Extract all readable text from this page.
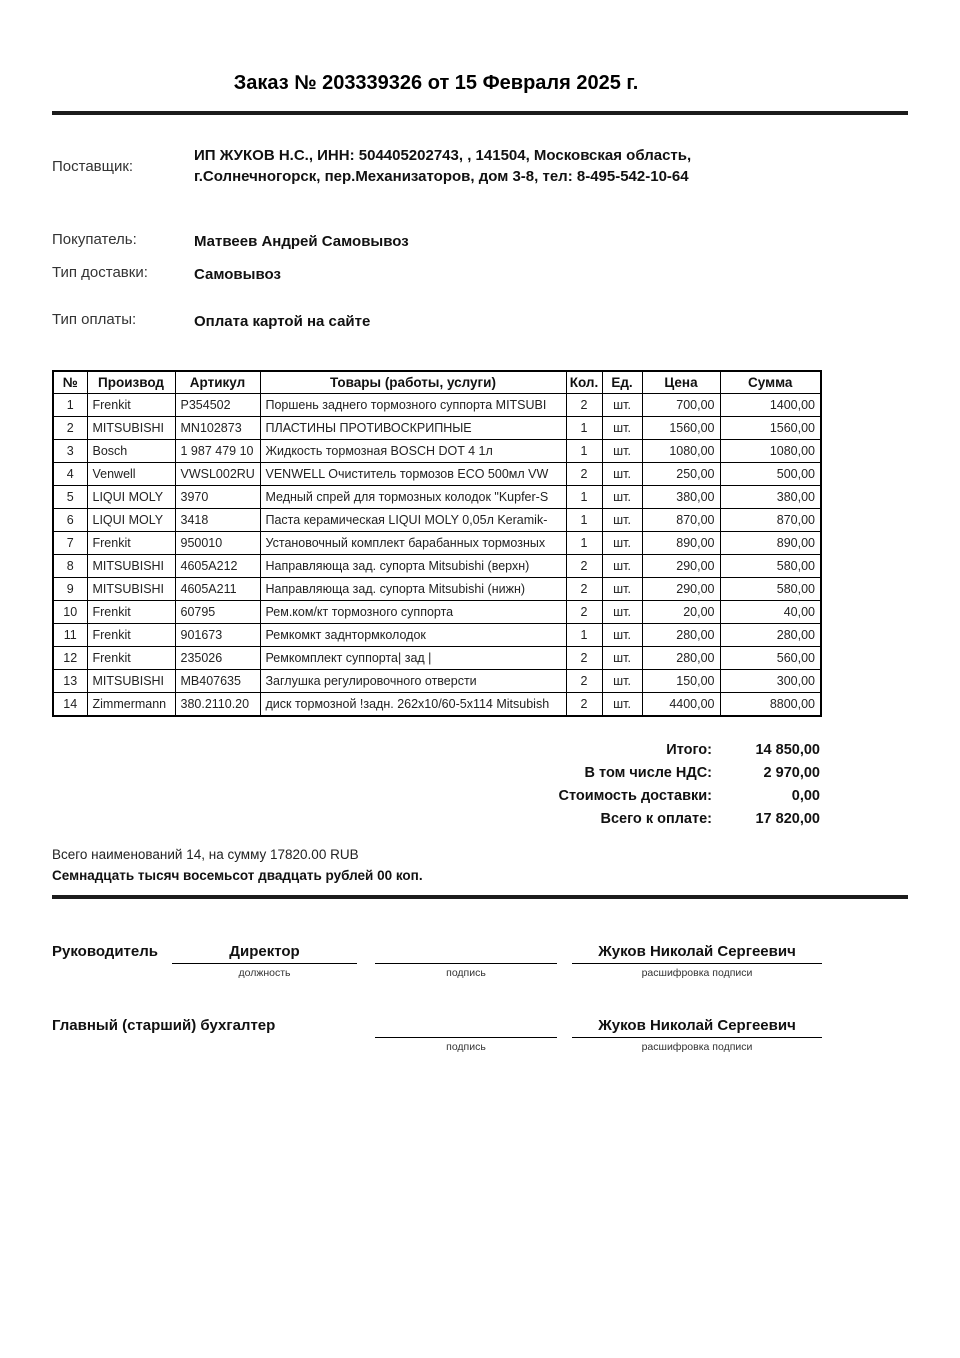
Заказ № 203339326 от 15 Февраля 2025 г.
Поставщик:
ИП ЖУКОВ Н.С., ИНН: 504405202743, , 141504, Московская область, г.Солнечногорск, пер.Механизаторов, дом 3-8, тел: 8-495-542-10-64
Покупатель:	Матвеев Андрей Самовывоз
Тип доставки:	Самовывоз
Тип оплаты:	Оплата картой на сайте
№	Производ	Артикул	Товары (работы, услуги)	Кол.	Ед.	Цена	Сумма
1	Frenkit	P354502	Поршень заднего тормозного суппорта MITSUBI	2	шт.	700,00	1400,00
2	MITSUBISHI	MN102873	ПЛАСТИНЫ ПРОТИВОСКРИПНЫЕ	1	шт.	1560,00	1560,00
3	Bosch	1 987 479 10	Жидкость тормозная BOSCH DOT 4 1л	1	шт.	1080,00	1080,00
4	Venwell	VWSL002RU	VENWELL Очиститель тормозов ECO 500мл VW	2	шт.	250,00	500,00
5	LIQUI MOLY	3970	Медный спрей для тормозных колодок "Kupfer-S	1	шт.	380,00	380,00
6	LIQUI MOLY	3418	Паста керамическая LIQUI MOLY 0,05л Keramik-	1	шт.	870,00	870,00
7	Frenkit	950010	Установочный комплект барабанных тормозных	1	шт.	890,00	890,00
8	MITSUBISHI	4605A212	Направляюща зад. супорта Mitsubishi (верхн)	2	шт.	290,00	580,00
9	MITSUBISHI	4605A211	Направляюща зад. супорта Mitsubishi (нижн)	2	шт.	290,00	580,00
10	Frenkit	60795	Рем.ком/кт тормозного суппорта	2	шт.	20,00	40,00
11	Frenkit	901673	Ремкомкт заднтормколодок	1	шт.	280,00	280,00
12	Frenkit	235026	Ремкомплект суппорта| зад |	2	шт.	280,00	560,00
13	MITSUBISHI	MB407635	Заглушка регулировочного отверсти	2	шт.	150,00	300,00
14	Zimmermann	380.2110.20	диск тормозной !задн. 262x10/60-5x114 Mitsubish	2	шт.	4400,00	8800,00
Итого:	14 850,00
В том числе НДС:	2 970,00
Стоимость доставки:	0,00
Всего к оплате:	17 820,00
Всего наименований 14, на сумму 17820.00 RUB
Семнадцать тысяч восемьсот двадцать рублей 00 коп.
Руководитель	Директор
должность	подпись
Жуков Николай Сергеевич
расшифровка подписи
Главный (старший) бухгалтер
подпись
Жуков Николай Сергеевич
расшифровка подписи
